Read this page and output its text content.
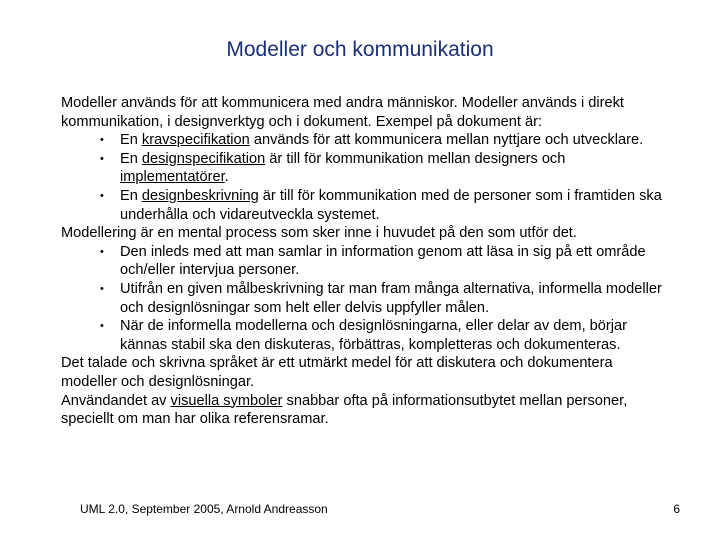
Modeller och kommunikation

Modeller används för att kommunicera med andra människor. Modeller används i direkt kommunikation, i designverktyg och i dokument. Exempel på dokument är:

• En kravspecifikation används för att kommunicera mellan nyttjare och utvecklare.
• En designspecifikation är till för kommunikation mellan designers och implementatörer.
• En designbeskrivning är till för kommunikation med de personer som i framtiden ska underhålla och vidareutveckla systemet.

Modellering är en mental process som sker inne i huvudet på den som utför det.

• Den inleds med att man samlar in information genom att läsa in sig på ett område och/eller intervjua personer.
• Utifrån en given målbeskrivning tar man fram många alternativa, informella modeller och designlösningar som helt eller delvis uppfyller målen.
• När de informella modellerna och designlösningarna, eller delar av dem, börjar kännas stabil ska den diskuteras, förbättras, kompletteras och dokumenteras.

Det talade och skrivna språket är ett utmärkt medel för att diskutera och dokumentera modeller och designlösningar.

Användandet av visuella symboler snabbar ofta på informationsutbytet mellan personer, speciellt om man har olika referensramar.

UML 2.0, September 2005, Arnold Andreasson	6
